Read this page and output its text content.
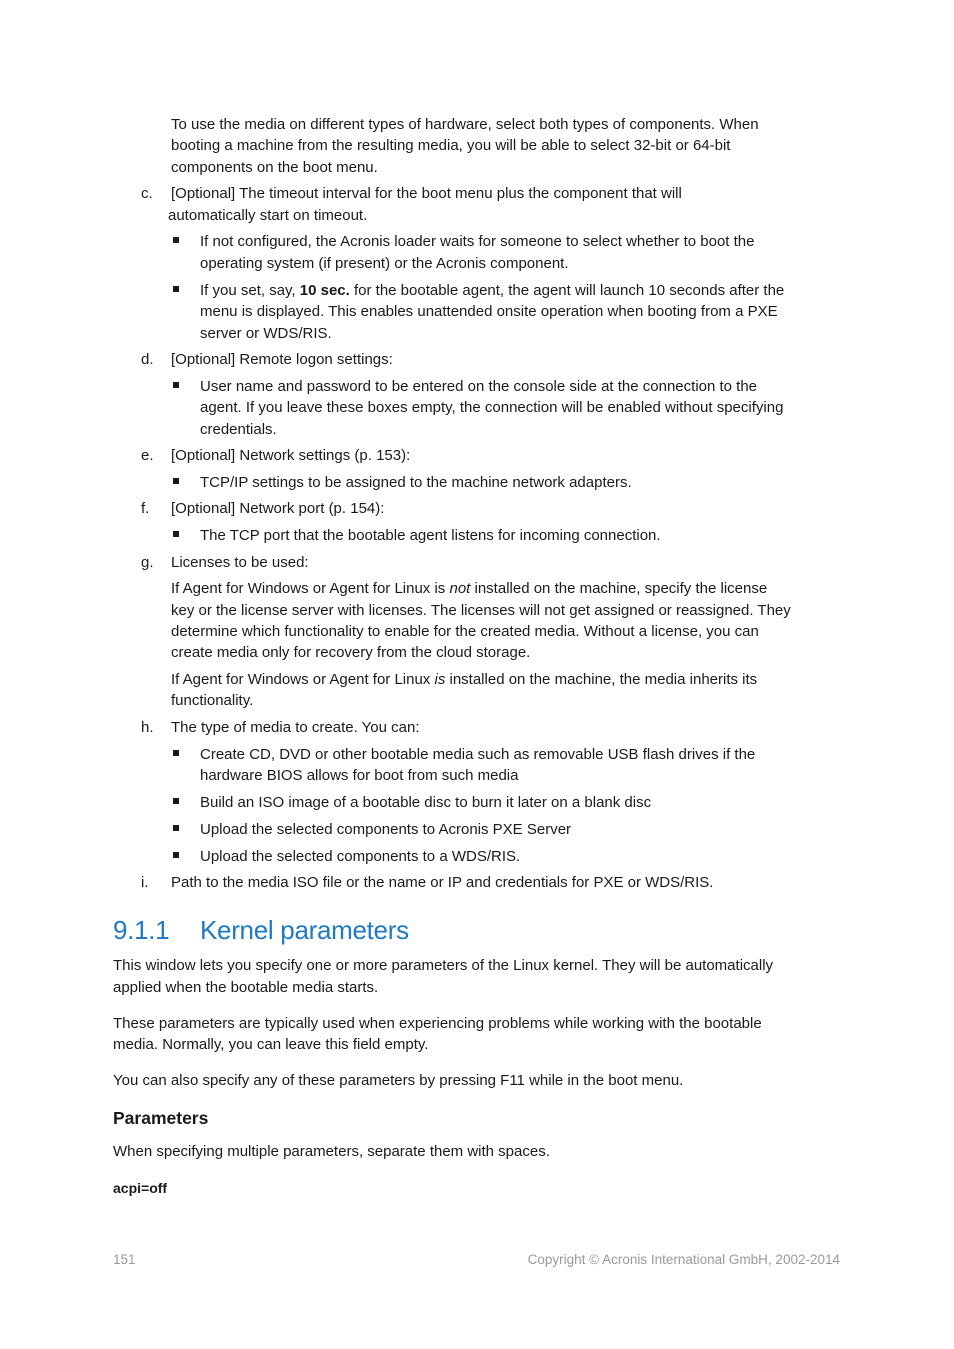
To use the media on different types of hardware, select both types of components. When
booting a machine from the resulting media, you will be able to select 32-bit or 64-bit
components on the boot menu.
c. [Optional] The timeout interval for the boot menu plus the component that will
automatically start on timeout.
If not configured, the Acronis loader waits for someone to select whether to boot the
operating system (if present) or the Acronis component.
If you set, say, 10 sec. for the bootable agent, the agent will launch 10 seconds after the
menu is displayed. This enables unattended onsite operation when booting from a PXE
server or WDS/RIS.
d. [Optional] Remote logon settings:
User name and password to be entered on the console side at the connection to the
agent. If you leave these boxes empty, the connection will be enabled without specifying
credentials.
e. [Optional] Network settings (p. 153):
TCP/IP settings to be assigned to the machine network adapters.
f. [Optional] Network port (p. 154):
The TCP port that the bootable agent listens for incoming connection.
g. Licenses to be used:
If Agent for Windows or Agent for Linux is not installed on the machine, specify the license
key or the license server with licenses. The licenses will not get assigned or reassigned. They
determine which functionality to enable for the created media. Without a license, you can
create media only for recovery from the cloud storage.
If Agent for Windows or Agent for Linux is installed on the machine, the media inherits its
functionality.
h. The type of media to create. You can:
Create CD, DVD or other bootable media such as removable USB flash drives if the
hardware BIOS allows for boot from such media
Build an ISO image of a bootable disc to burn it later on a blank disc
Upload the selected components to Acronis PXE Server
Upload the selected components to a WDS/RIS.
i. Path to the media ISO file or the name or IP and credentials for PXE or WDS/RIS.
9.1.1 Kernel parameters
This window lets you specify one or more parameters of the Linux kernel. They will be automatically
applied when the bootable media starts.
These parameters are typically used when experiencing problems while working with the bootable
media. Normally, you can leave this field empty.
You can also specify any of these parameters by pressing F11 while in the boot menu.
Parameters
When specifying multiple parameters, separate them with spaces.
acpi=off
151	Copyright © Acronis International GmbH, 2002-2014
